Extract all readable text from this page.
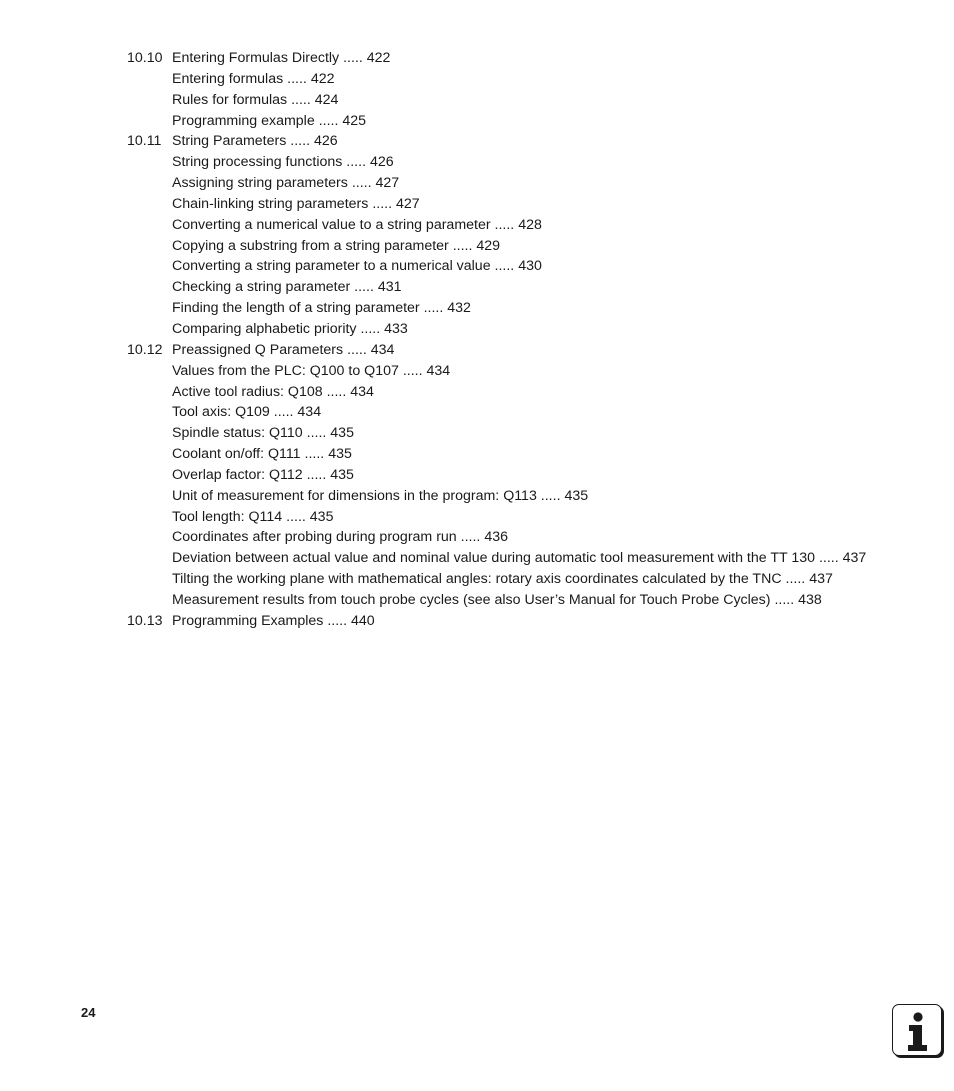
10.10 Entering Formulas Directly ..... 422
Entering formulas ..... 422
Rules for formulas ..... 424
Programming example ..... 425
10.11 String Parameters ..... 426
String processing functions ..... 426
Assigning string parameters ..... 427
Chain-linking string parameters ..... 427
Converting a numerical value to a string parameter ..... 428
Copying a substring from a string parameter ..... 429
Converting a string parameter to a numerical value ..... 430
Checking a string parameter ..... 431
Finding the length of a string parameter ..... 432
Comparing alphabetic priority ..... 433
10.12 Preassigned Q Parameters ..... 434
Values from the PLC: Q100 to Q107 ..... 434
Active tool radius: Q108 ..... 434
Tool axis: Q109 ..... 434
Spindle status: Q110 ..... 435
Coolant on/off: Q111 ..... 435
Overlap factor: Q112 ..... 435
Unit of measurement for dimensions in the program: Q113 ..... 435
Tool length: Q114 ..... 435
Coordinates after probing during program run ..... 436
Deviation between actual value and nominal value during automatic tool measurement with the TT 130 ..... 437
Tilting the working plane with mathematical angles: rotary axis coordinates calculated by the TNC ..... 437
Measurement results from touch probe cycles (see also User’s Manual for Touch Probe Cycles) ..... 438
10.13 Programming Examples ..... 440
24
